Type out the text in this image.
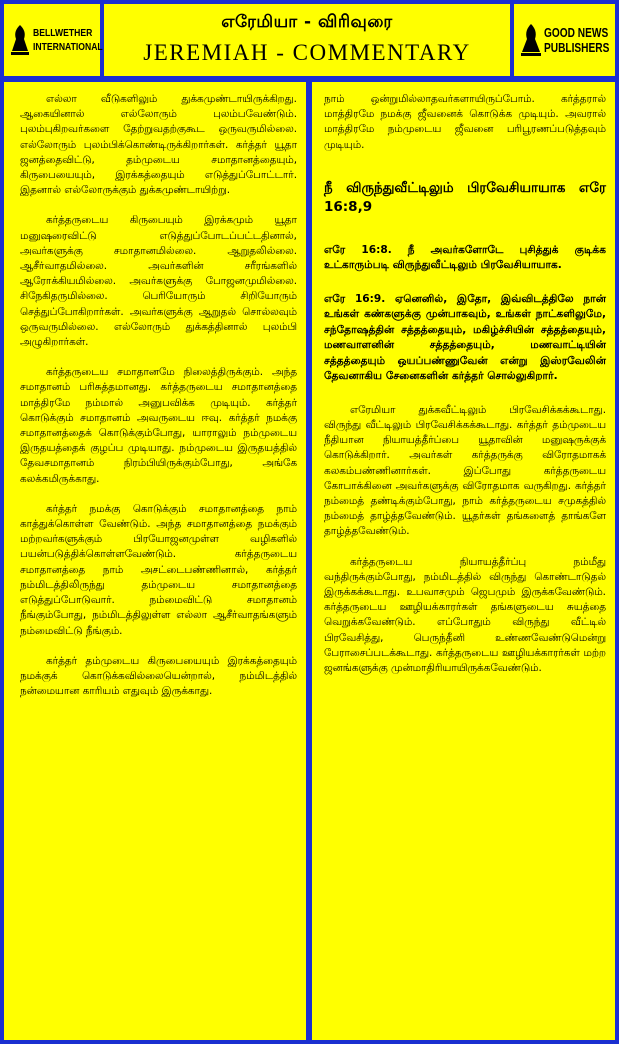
BELLWETHER
INTERNATIONAL
எரேமியா - விரிவுரை
JEREMIAH - COMMENTARY
GOOD NEWS
PUBLISHERS

எல்லா வீடுகளிலும் துக்கமுண்டாயிருக்கிறது. ஆகையினால் எல்லோரும் புலம்பவேண்டும். புலம்புகிறவர்களை தேற்றுவதற்குகூட ஒருவருமில்லை. எல்லோரும் புலம்பிக்கொண்டிருக்கிறார்கள். கர்த்தர் யூதா ஜனத்தைவிட்டு, தம்முடைய சமாதானத்தையும், கிருபையையும், இரக்கத்தையும் எடுத்துப்போட்டார். இதனால் எல்லோருக்கும் துக்கமுண்டாயிற்று.

கர்த்தருடைய கிருபையும் இரக்கமும் யூதா மனுஷரைவிட்டு எடுத்துப்போடப்பட்டதினால், அவர்களுக்கு சமாதானமில்லை. ஆறுதலில்லை. ஆசீர்வாதமில்லை. அவர்களின் சரீரங்களில் ஆரோக்கியமில்லை. அவர்களுக்கு போஜனமுமில்லை. சிநேகிதருமில்லை. பெரியோரும் சிறியோரும் செத்துப்போகிறார்கள். அவர்களுக்கு ஆறுதல் சொல்லவும் ஒருவருமில்லை. எல்லோரும் துக்கத்தினால் புலம்பி அழுகிறார்கள்.

கர்த்தருடைய சமாதானமே நிலைத்திருக்கும். அந்த சமாதானம் பரிசுத்தமானது. கர்த்தருடைய சமாதானத்தை மாத்திரமே நம்மால் அனுபவிக்க முடியும். கர்த்தர் கொடுக்கும் சமாதானம் அவருடைய ஈவு. கர்த்தர் நமக்கு சமாதானத்தைக் கொடுக்கும்போது, யாராலும் நம்முடைய இருதயத்தைக் குழப்ப முடியாது. நம்முடைய இருதயத்தில் தேவசமாதானம் நிரம்பியிருக்கும்போது, அங்கே கலக்கமிருக்காது.

கர்த்தர் நமக்கு கொடுக்கும் சமாதானத்தை நாம் காத்துக்கொள்ள வேண்டும். அந்த சமாதானத்தை நமக்கும் மற்றவர்களுக்கும் பிரயோஜனமுள்ள வழிகளில் பயன்படுத்திக்கொள்ளவேண்டும். கர்த்தருடைய சமாதானத்தை நாம் அசட்டைபண்ணினால், கர்த்தர் நம்மிடத்திலிருந்து தம்முடைய சமாதானத்தை எடுத்துப்போடுவார். நம்மைவிட்டு சமாதானம் நீங்கும்போது, நம்மிடத்திலுள்ள எல்லா ஆசீர்வாதங்களும் நம்மைவிட்டு நீங்கும்.

கர்த்தர் தம்முடைய கிருபையையும் இரக்கத்தையும் நமக்குக் கொடுக்கவில்லையென்றால், நம்மிடத்தில் நன்மையான காரியம் எதுவும் இருக்காது.

நாம் ஒன்றுமில்லாதவர்களாயிருப்போம். கர்த்தரால் மாத்திரமே நமக்கு ஜீவனைக் கொடுக்க முடியும். அவரால் மாத்திரமே நம்முடைய ஜீவனை பரிபூரணப்படுத்தவும் முடியும்.

நீ விருந்துவீட்டிலும் பிரவேசியாயாக எரே 16:8,9

எரே 16:8. நீ அவர்களோடே புசித்துக் குடிக்க உட்காரும்படி விருந்துவீட்டிலும் பிரவேசியாயாக.

எரே 16:9. ஏனெனில், இதோ, இவ்விடத்திலே நான் உங்கள் கண்களுக்கு முன்பாகவும், உங்கள் நாட்களிலுமே, சந்தோஷத்தின் சத்தத்தையும், மகிழ்ச்சியின் சத்தத்தையும், மணவாளனின் சத்தத்தையும், மணவாட்டியின் சத்தத்தையும் ஒயப்பண்ணுவேன் என்று இஸ்ரவேலின் தேவனாகிய சேனைகளின் கர்த்தர் சொல்லுகிறார்.

எரேமியா துக்கவீட்டிலும் பிரவேசிக்கக்கூடாது. விருந்து வீட்டிலும் பிரவேசிக்கக்கூடாது. கர்த்தர் தம்முடைய நீதியான நியாயத்தீர்ப்பை யூதாவின் மனுஷருக்குக் கொடுக்கிறார். அவர்கள் கர்த்தருக்கு விரோதமாகக் கலகம்பண்ணினார்கள். இப்போது கர்த்தருடைய கோபாக்கினை அவர்களுக்கு விரோதமாக வருகிறது. கர்த்தர் நம்மைத் தண்டிக்கும்போது, நாம் கர்த்தருடைய சமுகத்தில் நம்மைத் தாழ்த்தவேண்டும். யூதர்கள் தங்களைத் தாங்களே தாழ்த்தவேண்டும்.

கர்த்தருடைய நியாயத்தீர்ப்பு நம்மீது வந்திருக்கும்போது, நம்மிடத்தில் விருந்து கொண்டாடுதல் இருக்கக்கூடாது. உபவாசமும் ஜெபமும் இருக்கவேண்டும். கர்த்தருடைய ஊழியக்காரர்கள் தங்களுடைய சுயத்தை வெறுக்கவேண்டும். எப்போதும் விருந்து வீட்டில் பிரவேசித்து, பெருந்தீனி உண்ணவேண்டுமென்று பேராசைப்படக்கூடாது. கர்த்தருடைய ஊழியக்காரர்கள் மற்ற ஜனங்களுக்கு முன்மாதிரியாயிருக்கவேண்டும்.
